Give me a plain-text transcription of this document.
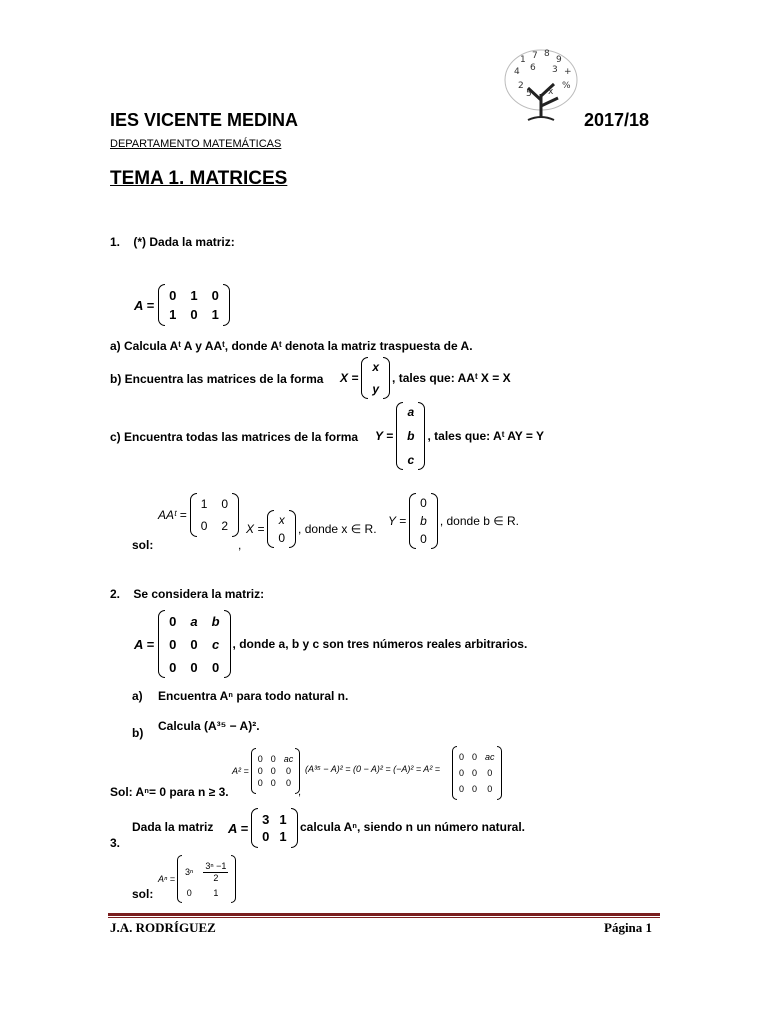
1 7 8
9
4	+
2
6 3
%
5 x
IES VICENTE MEDINA	2017/18
DEPARTAMENTO MATEMÁTICAS
TEMA 1. MATRICES
1. (*) Dada la matriz:
A =
0 1 0
1 0 1
a) Calcula Aᵗ A y AAᵗ, donde Aᵗ denota la matriz traspuesta de A.
b) Encuentra las matrices de la forma X =
x
y
, tales que: AAᵗ X = X
c) Encuentra todas las matrices de la forma Y =
a
b
c
, tales que: Aᵗ AY = Y
sol:
AAᵗ =
1 0
0 2
,
X =
x
0
, donde x ∈ R.
Y =
0
b
0
, donde b ∈ R.
2. Se considera la matriz:
A =
0 a b
0 0 c
0 0 0
, donde a, b y c son tres números reales arbitrarios.
a) Encuentra Aⁿ para todo natural n.
b) Calcula (A³⁵ − A)².
Sol: Aⁿ= 0 para n ≥ 3.
A² =
0 0 ac
0 0 0
0 0 0
,
(A³⁵ − A)² = (0 − A)² = (−A)² = A² =
0 0 ac
0 0 0
0 0 0
3.
Dada la matriz A =
3 1
0 1
calcula Aⁿ, siendo n un número natural.
sol:
Aⁿ =
$3^n \frac{\text{3ⁿ −1}}{2}$
0	1
J.A. RODRÍGUEZ	Página 1
